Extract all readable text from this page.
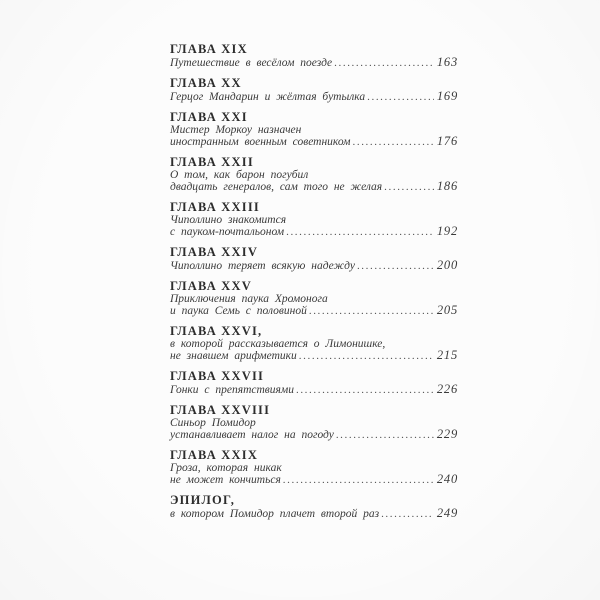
ГЛАВА XIX
Путешествие в весёлом поезде .....	163
ГЛАВА XX
Герцог Мандарин и жёлтая бутылка .....	169
ГЛАВА XXI
Мистер Моркоу назначен
иностранным военным советником .....	176
ГЛАВА XXII
О том, как барон погубил
двадцать генералов, сам того не желая .....	186
ГЛАВА XXIII
Чиполлино знакомится
с пауком-почтальоном .....	192
ГЛАВА XXIV
Чиполлино теряет всякую надежду .....	200
ГЛАВА XXV
Приключения паука Хромонога
и паука Семь с половиной .....	205
ГЛАВА XXVI,
в которой рассказывается о Лимонишке,
не знавшем арифметики .....	215
ГЛАВА XXVII
Гонки с препятствиями .....	226
ГЛАВА XXVIII
Синьор Помидор
устанавливает налог на погоду .....	229
ГЛАВА XXIX
Гроза, которая никак
не может кончиться .....	240
ЭПИЛОГ,
в котором Помидор плачет второй раз .....	249
